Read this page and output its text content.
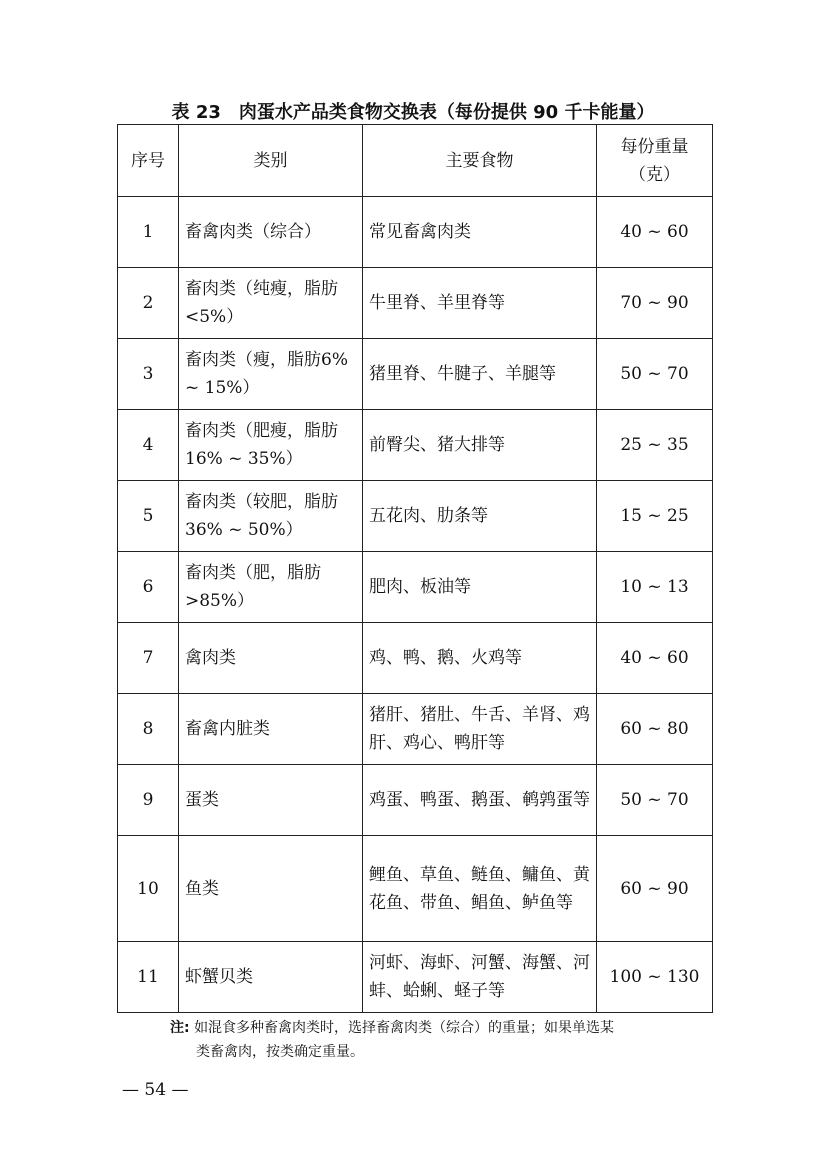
表 23　肉蛋水产品类食物交换表（每份提供 90 千卡能量）
序号	类别	主要食物	每份重量（克）
1	畜禽肉类（综合）	常见畜禽肉类	40 ~ 60
2	畜肉类（纯瘦，脂肪<5%）	牛里脊、羊里脊等	70 ~ 90
3	畜肉类（瘦，脂肪6% ~ 15%）	猪里脊、牛腱子、羊腿等	50 ~ 70
4	畜肉类（肥瘦，脂肪16% ~ 35%）	前臀尖、猪大排等	25 ~ 35
5	畜肉类（较肥，脂肪36% ~ 50%）	五花肉、肋条等	15 ~ 25
6	畜肉类（肥，脂肪>85%）	肥肉、板油等	10 ~ 13
7	禽肉类	鸡、鸭、鹅、火鸡等	40 ~ 60
8	畜禽内脏类	猪肝、猪肚、牛舌、羊肾、鸡肝、鸡心、鸭肝等	60 ~ 80
9	蛋类	鸡蛋、鸭蛋、鹅蛋、鹌鹑蛋等	50 ~ 70
10	鱼类	鲤鱼、草鱼、鲢鱼、鳙鱼、黄花鱼、带鱼、鲳鱼、鲈鱼等	60 ~ 90
11	虾蟹贝类	河虾、海虾、河蟹、海蟹、河蚌、蛤蜊、蛏子等	100 ~ 130
注: 如混食多种畜禽肉类时，选择畜禽肉类（综合）的重量；如果单选某
类畜禽肉，按类确定重量。
— 54 —
